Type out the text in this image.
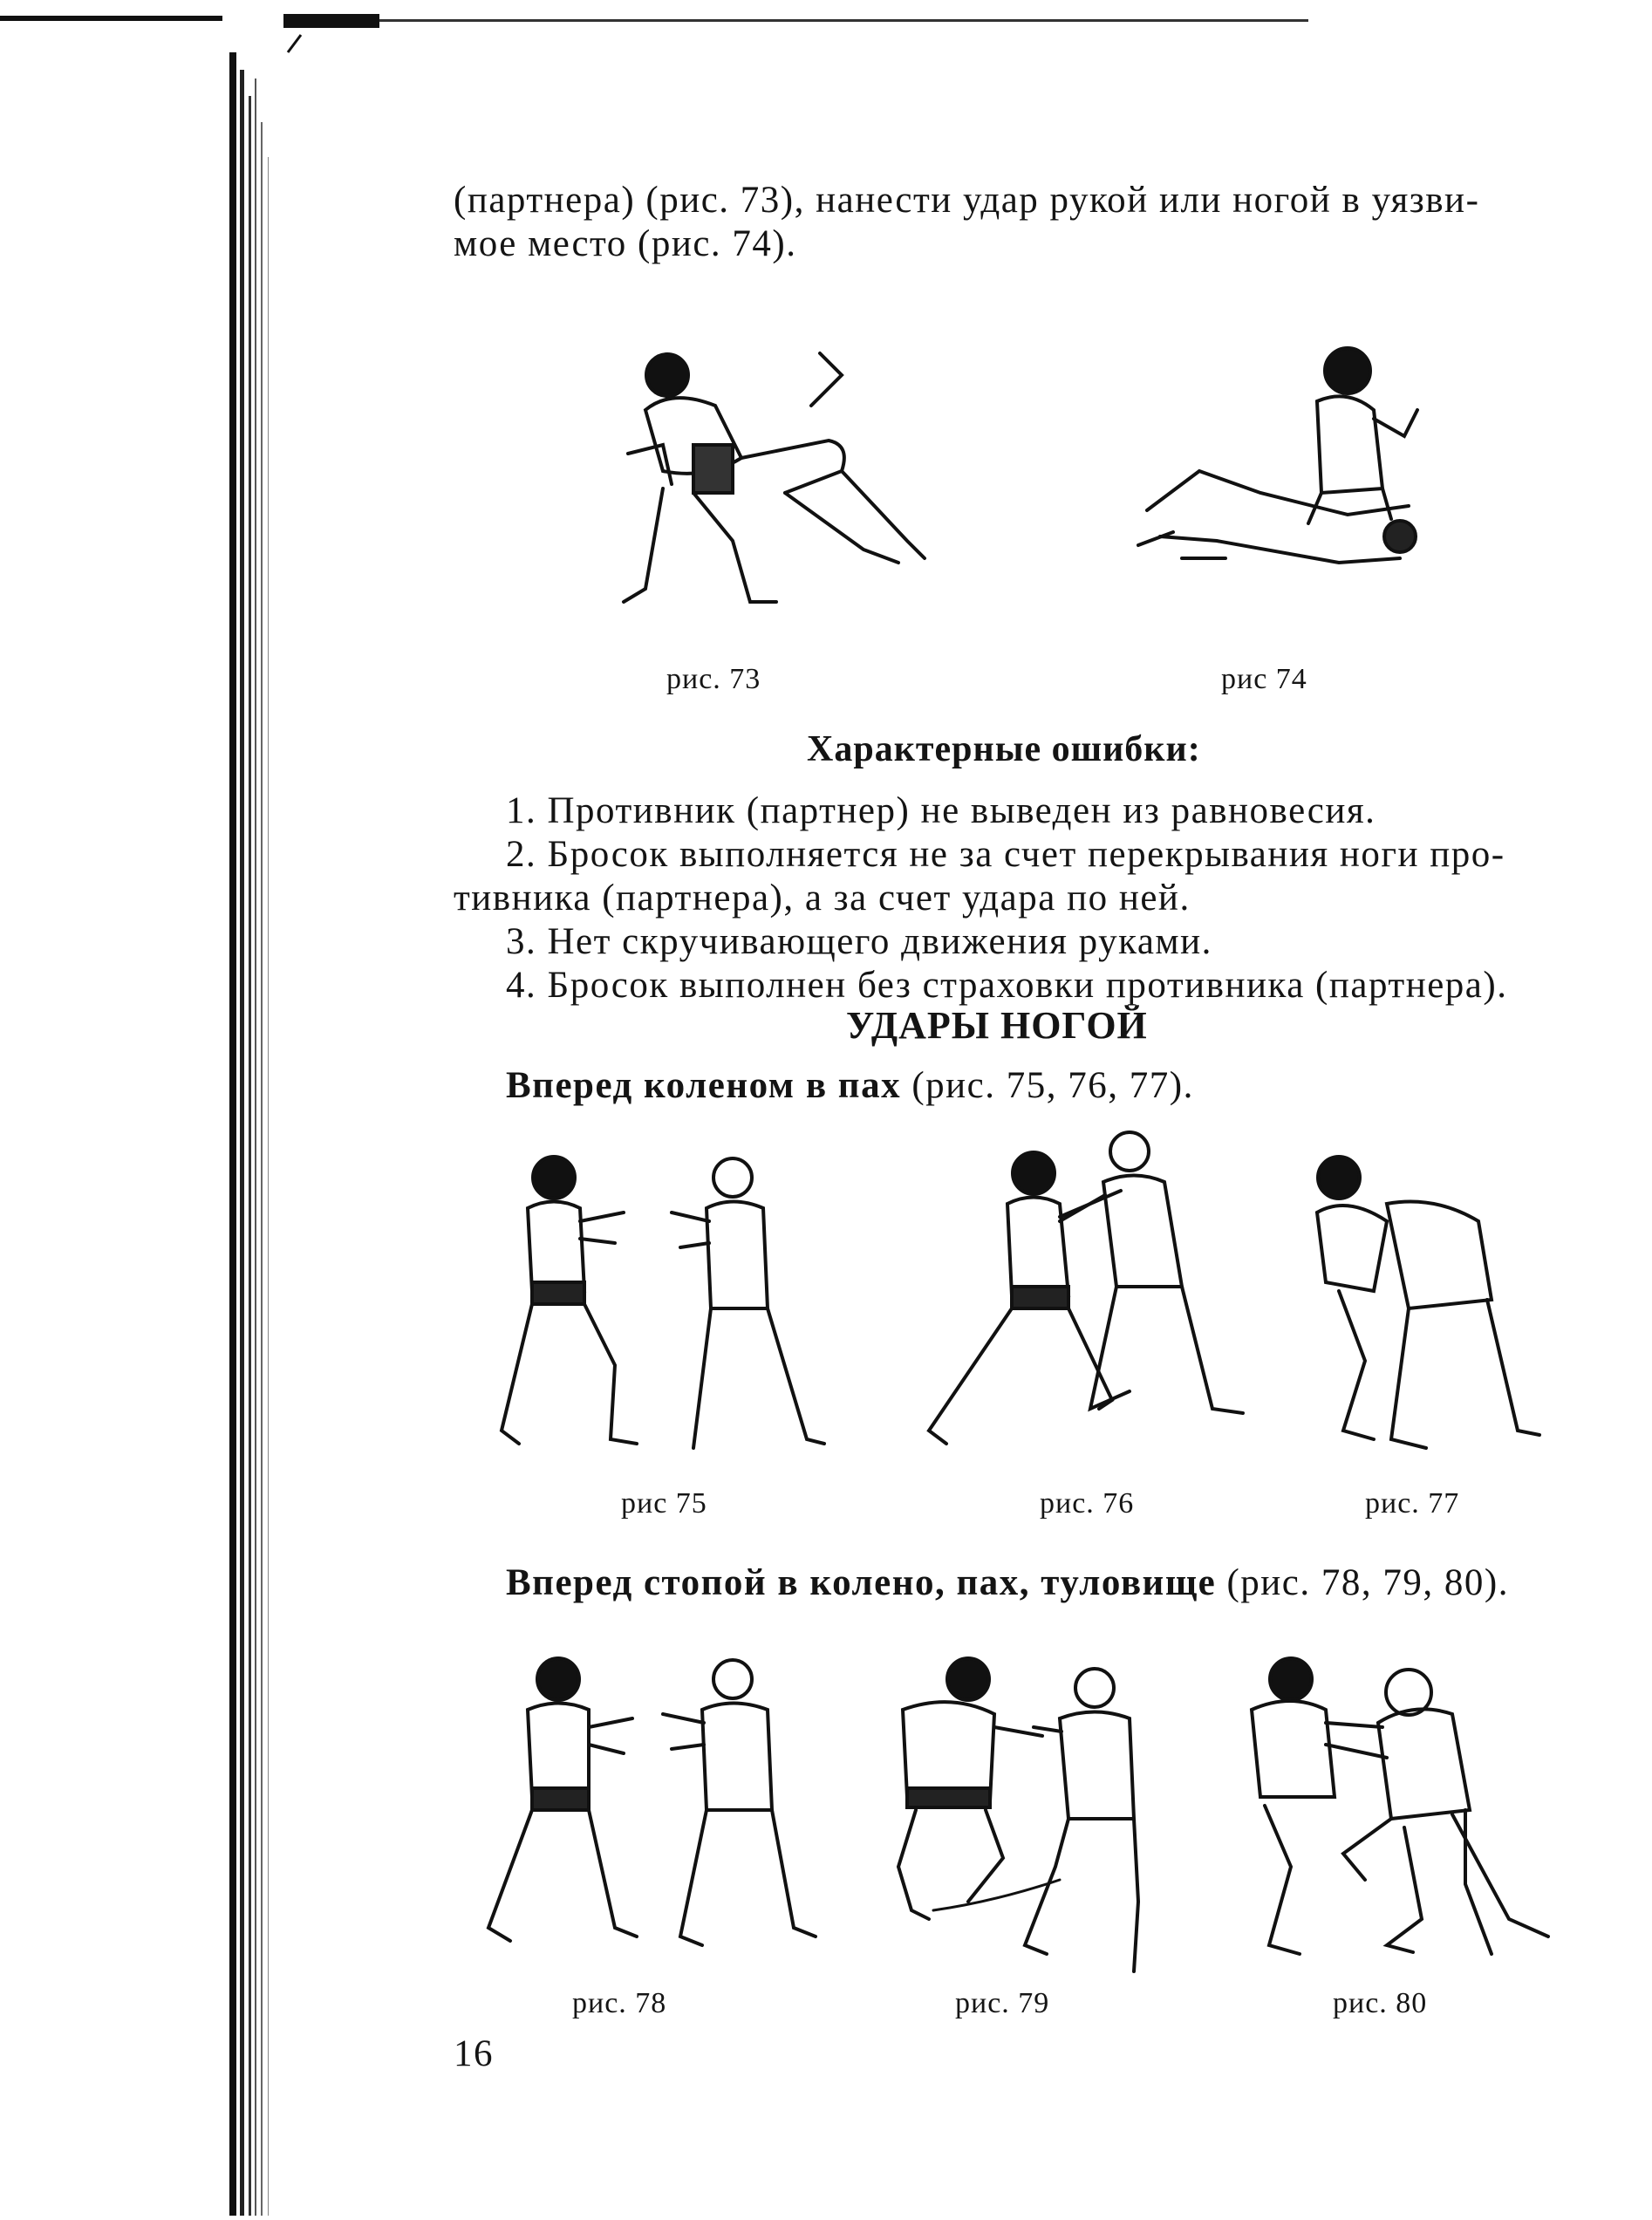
(партнера) (рис. 73), нанести удар рукой или ногой в уязви-
мое место (рис. 74).
рис. 73	рис 74
Характерные ошибки:
1. Противник (партнер) не выведен из равновесия.
2. Бросок выполняется не за счет перекрывания ноги про-
тивника (партнера), а за счет удара по ней.
3. Нет скручивающего движения руками.
4. Бросок выполнен без страховки противника (партнера).
УДАРЫ НОГОЙ
Вперед коленом в пах (рис. 75, 76, 77).
рис 75	рис. 76	рис. 77
Вперед стопой в колено, пах, туловище (рис. 78, 79, 80).
рис. 78	рис. 79	рис. 80
16
